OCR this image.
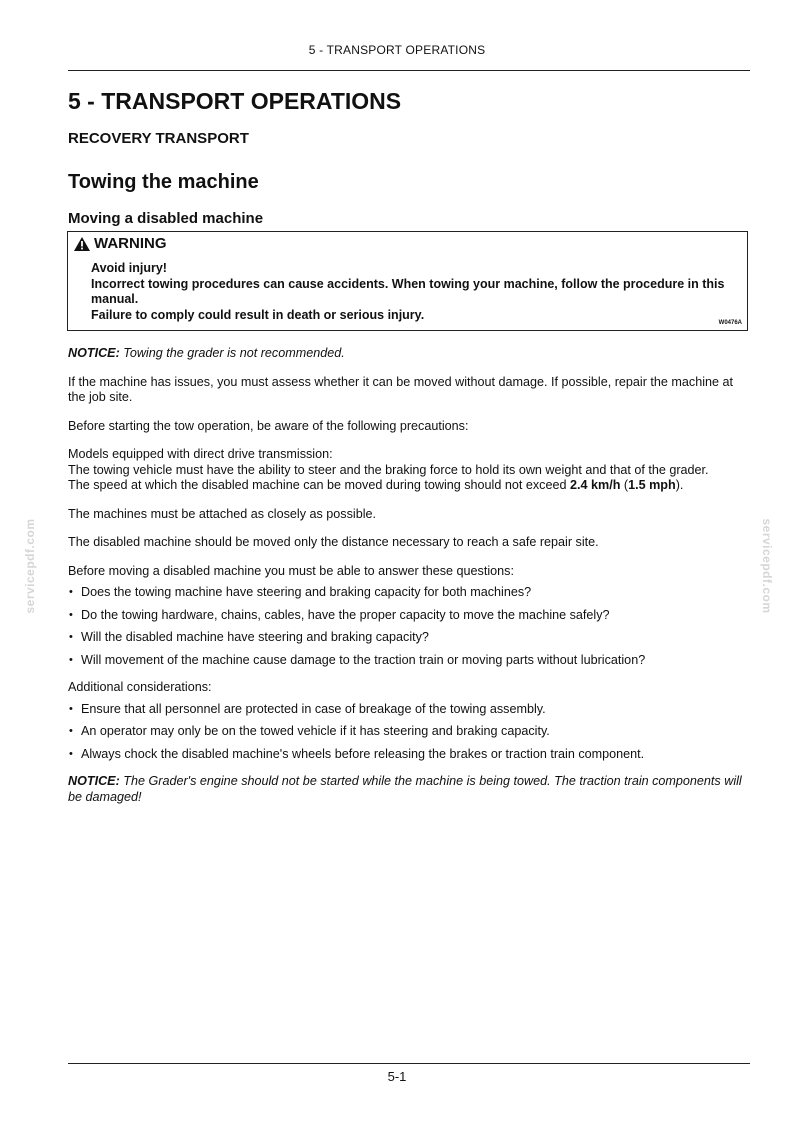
5 - TRANSPORT OPERATIONS
5 - TRANSPORT OPERATIONS
RECOVERY TRANSPORT
Towing the machine
Moving a disabled machine
WARNING
Avoid injury!
Incorrect towing procedures can cause accidents. When towing your machine, follow the procedure in this manual.
Failure to comply could result in death or serious injury.
W0476A

NOTICE: Towing the grader is not recommended.

If the machine has issues, you must assess whether it can be moved without damage. If possible, repair the machine at the job site.

Before starting the tow operation, be aware of the following precautions:

Models equipped with direct drive transmission:
The towing vehicle must have the ability to steer and the braking force to hold its own weight and that of the grader.
The speed at which the disabled machine can be moved during towing should not exceed 2.4 km/h (1.5 mph).

The machines must be attached as closely as possible.

The disabled machine should be moved only the distance necessary to reach a safe repair site.

Before moving a disabled machine you must be able to answer these questions:

• Does the towing machine have steering and braking capacity for both machines?
• Do the towing hardware, chains, cables, have the proper capacity to move the machine safely?
• Will the disabled machine have steering and braking capacity?
• Will movement of the machine cause damage to the traction train or moving parts without lubrication?

Additional considerations:

• Ensure that all personnel are protected in case of breakage of the towing assembly.
• An operator may only be on the towed vehicle if it has steering and braking capacity.
• Always chock the disabled machine's wheels before releasing the brakes or traction train component.

NOTICE: The Grader's engine should not be started while the machine is being towed. The traction train components will be damaged!

servicepdf.com	servicepdf.com
5-1
